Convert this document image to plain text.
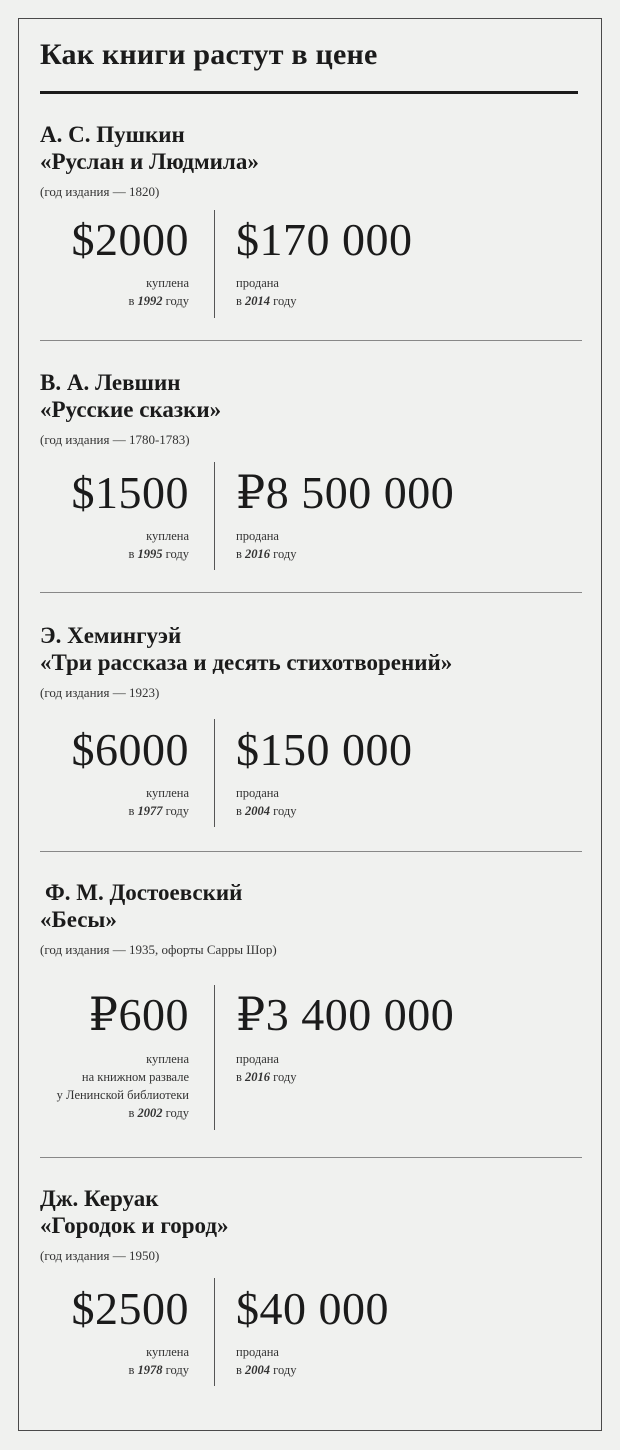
Как книги растут в цене
А. С. Пушкин
«Руслан и Людмила»
(год издания — 1820)
$2000 $170 000
куплена
в 1992 году
продана
в 2014 году
В. А. Левшин
«Русские сказки»
(год издания — 1780-1783)
$1500 ₽8 500 000
куплена
в 1995 году
продана
в 2016 году
Э. Хемингуэй
«Три рассказа и десять стихотворений»
(год издания — 1923)
$6000 $150 000
куплена
в 1977 году
продана
в 2004 году
Ф. М. Достоевский
«Бесы»
(год издания — 1935, офорты Сарры Шор)
₽600 ₽3 400 000
куплена
на книжном развале
у Ленинской библиотеки
в 2002 году
продана
в 2016 году
Дж. Керуак
«Городок и город»
(год издания — 1950)
$2500 $40 000
куплена
в 1978 году
продана
в 2004 году
